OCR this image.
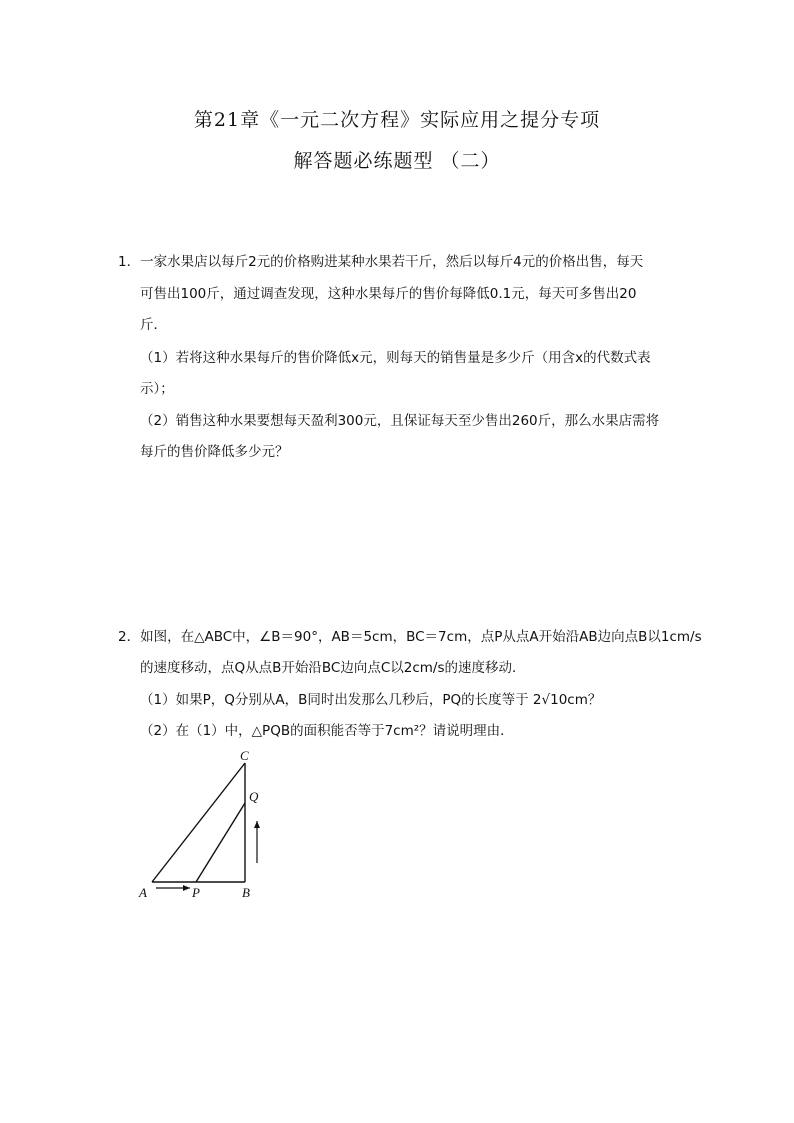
第21章《一元二次方程》实际应用之提分专项
解答题必练题型 （二）
1．一家水果店以每斤2元的价格购进某种水果若干斤，然后以每斤4元的价格出售，每天
可售出100斤，通过调查发现，这种水果每斤的售价每降低0.1元，每天可多售出20
斤．
（1）若将这种水果每斤的售价降低x元，则每天的销售量是多少斤（用含x的代数式表
示）；
（2）销售这种水果要想每天盈利300元，且保证每天至少售出260斤，那么水果店需将
每斤的售价降低多少元？
2．如图，在△ABC中，∠B＝90°，AB＝5cm，BC＝7cm，点P从点A开始沿AB边向点B以1cm/s
的速度移动，点Q从点B开始沿BC边向点C以2cm/s的速度移动．
（1）如果P，Q分别从A，B同时出发那么几秒后，PQ的长度等于 2√10cm？
（2）在（1）中，△PQB的面积能否等于7cm²？请说明理由．
A	P	B
C
Q
